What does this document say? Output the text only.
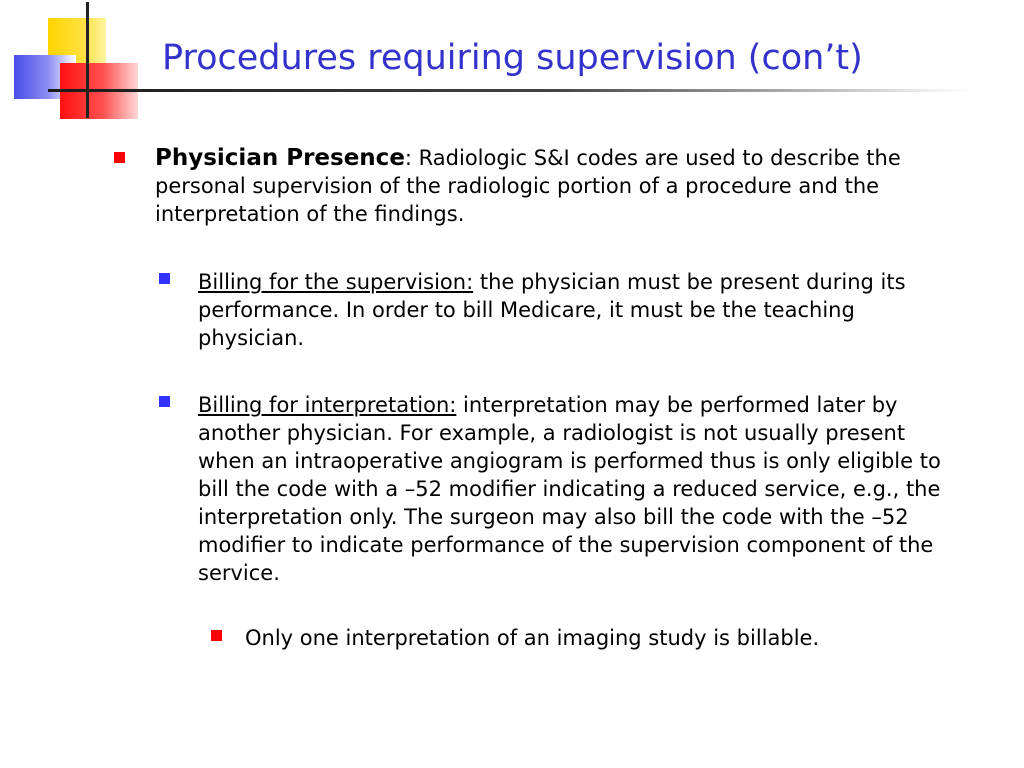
Procedures requiring supervision (con’t)
Physician Presence: Radiologic S&I codes are used to describe the personal supervision of the radiologic portion of a procedure and the interpretation of the findings.
Billing for the supervision: the physician must be present during its performance. In order to bill Medicare, it must be the teaching physician.
Billing for interpretation: interpretation may be performed later by another physician. For example, a radiologist is not usually present when an intraoperative angiogram is performed thus is only eligible to bill the code with a –52 modifier indicating a reduced service, e.g., the interpretation only. The surgeon may also bill the code with the –52 modifier to indicate performance of the supervision component of the service.
Only one interpretation of an imaging study is billable.
